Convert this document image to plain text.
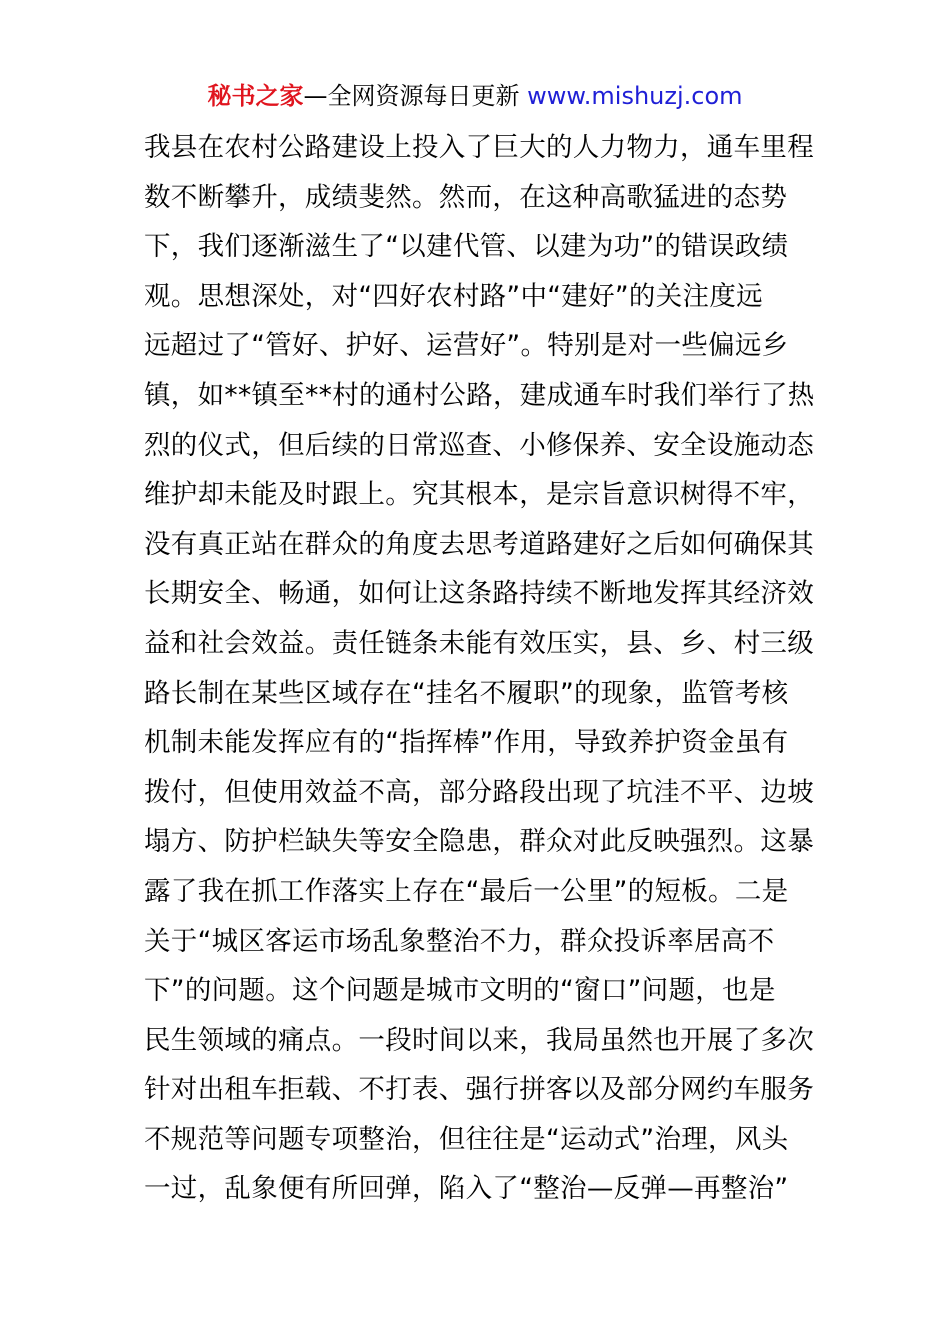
秘书之家—全网资源每日更新 www.mishuzj.com
我县在农村公路建设上投入了巨大的人力物力，通车里程
数不断攀升，成绩斐然。然而，在这种高歌猛进的态势
下，我们逐渐滋生了“以建代管、以建为功”的错误政绩
观。思想深处，对“四好农村路”中“建好”的关注度远
远超过了“管好、护好、运营好”。特别是对一些偏远乡
镇，如**镇至**村的通村公路，建成通车时我们举行了热
烈的仪式，但后续的日常巡查、小修保养、安全设施动态
维护却未能及时跟上。究其根本，是宗旨意识树得不牢，
没有真正站在群众的角度去思考道路建好之后如何确保其
长期安全、畅通，如何让这条路持续不断地发挥其经济效
益和社会效益。责任链条未能有效压实，县、乡、村三级
路长制在某些区域存在“挂名不履职”的现象，监管考核
机制未能发挥应有的“指挥棒”作用，导致养护资金虽有
拨付，但使用效益不高，部分路段出现了坑洼不平、边坡
塌方、防护栏缺失等安全隐患，群众对此反映强烈。这暴
露了我在抓工作落实上存在“最后一公里”的短板。二是
关于“城区客运市场乱象整治不力，群众投诉率居高不
下”的问题。这个问题是城市文明的“窗口”问题，也是
民生领域的痛点。一段时间以来，我局虽然也开展了多次
针对出租车拒载、不打表、强行拼客以及部分网约车服务
不规范等问题专项整治，但往往是“运动式”治理，风头
一过，乱象便有所回弹，陷入了“整治—反弹—再整治”
